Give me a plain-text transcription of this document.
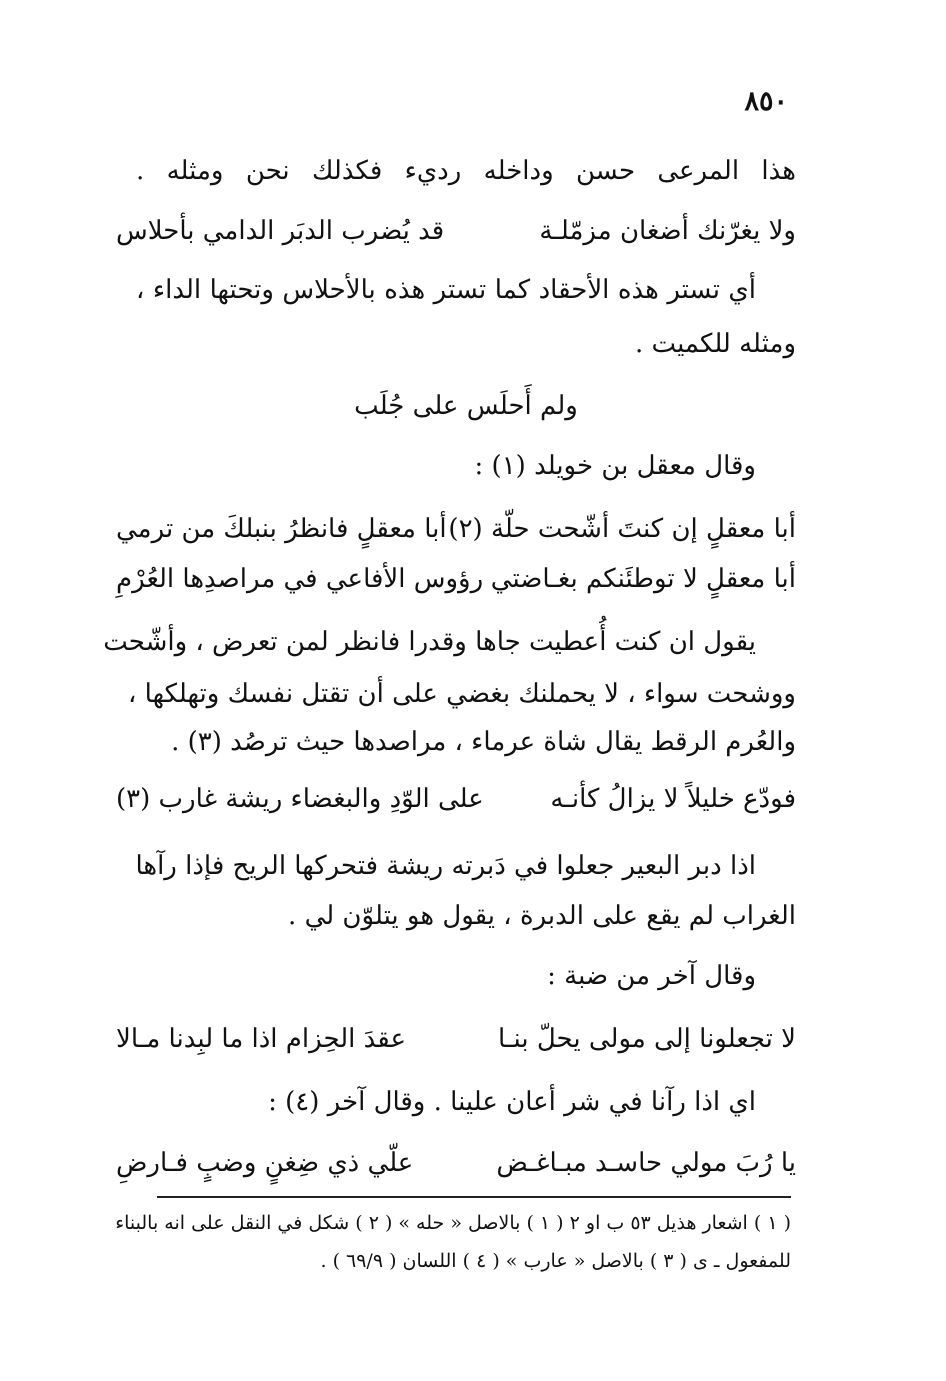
٨٥٠
هذا المرعى حسن وداخله رديء فكذلك نحن ومثله .
ولا يغرّنك أضغان مزمّلـة
قد يُضرب الدبَر الدامي بأحلاس
أي تستر هذه الأحقاد كما تستر هذه بالأحلاس وتحتها الداء ،
ومثله للكميت .
ولم أَحلَس على جُلَب
وقال معقل بن خويلد (١) :
أبا معقلٍ إن كنتَ أشّحت حلّة (٢)
أبا معقلٍ فانظرُ بنبلكَ من ترمي
أبا معقلٍ لا توطئَنكم بغـاضتي
رؤوس الأفاعي في مراصدِها العُرْمِ
يقول ان كنت أُعطيت جاها وقدرا فانظر لمن تعرض ، وأشّحت
ووشحت سواء ، لا يحملنك بغضي على أن تقتل نفسك وتهلكها ،
والعُرم الرقط يقال شاة عرماء ، مراصدها حيث ترصُد (٣) .
فودّع خليلاً لا يزالُ كأنـه
على الوّدِ والبغضاء ريشة غارب (٣)
اذا دبر البعير جعلوا في دَبرته ريشة فتحركها الريح فإذا رآها
الغراب لم يقع على الدبرة ، يقول هو يتلوّن لي .
وقال آخر من ضبة :
لا تجعلونا إلى مولى يحلّ بنـا
عقدَ الحِزام اذا ما لبِدنا مـالا
اي اذا رآنا في شر أعان علينا . وقال آخر (٤) :
يا رُبَ مولي حاسـد مبـاغـض
علّي ذي ضِغنٍ وضبٍ فـارضِ
( ١ ) اشعار هذيل ٥٣ ب او ٢ ( ١ ) بالاصل « حله » ( ٢ ) شكل في النقل على انه بالبناء
للمفعول ـ ى ( ٣ ) بالاصل « عارب » ( ٤ ) اللسان ( ٦٩/٩ ) .
